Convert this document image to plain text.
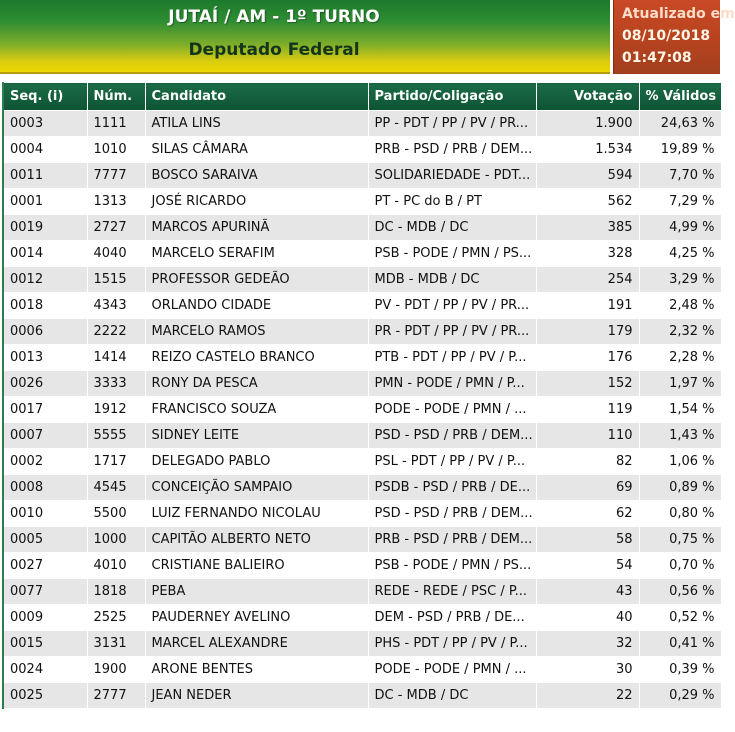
JUTAÍ / AM - 1º TURNO
Deputado Federal
Atualizado em
08/10/2018
01:47:08
Seq. (i)	Núm.	Candidato	Partido/Coligação	Votação	% Válidos
0003	1111	ATILA LINS	PP - PDT / PP / PV / PR...	1.900	24,63 %
0004	1010	SILAS CÂMARA	PRB - PSD / PRB / DEM...	1.534	19,89 %
0011	7777	BOSCO SARAIVA	SOLIDARIEDADE - PDT...	594	7,70 %
0001	1313	JOSÉ RICARDO	PT - PC do B / PT	562	7,29 %
0019	2727	MARCOS APURINÃ	DC - MDB / DC	385	4,99 %
0014	4040	MARCELO SERAFIM	PSB - PODE / PMN / PS...	328	4,25 %
0012	1515	PROFESSOR GEDEÃO	MDB - MDB / DC	254	3,29 %
0018	4343	ORLANDO CIDADE	PV - PDT / PP / PV / PR...	191	2,48 %
0006	2222	MARCELO RAMOS	PR - PDT / PP / PV / PR...	179	2,32 %
0013	1414	REIZO CASTELO BRANCO	PTB - PDT / PP / PV / P...	176	2,28 %
0026	3333	RONY DA PESCA	PMN - PODE / PMN / P...	152	1,97 %
0017	1912	FRANCISCO SOUZA	PODE - PODE / PMN / ...	119	1,54 %
0007	5555	SIDNEY LEITE	PSD - PSD / PRB / DEM...	110	1,43 %
0002	1717	DELEGADO PABLO	PSL - PDT / PP / PV / P...	82	1,06 %
0008	4545	CONCEIÇÃO SAMPAIO	PSDB - PSD / PRB / DE...	69	0,89 %
0010	5500	LUIZ FERNANDO NICOLAU	PSD - PSD / PRB / DEM...	62	0,80 %
0005	1000	CAPITÃO ALBERTO NETO	PRB - PSD / PRB / DEM...	58	0,75 %
0027	4010	CRISTIANE BALIEIRO	PSB - PODE / PMN / PS...	54	0,70 %
0077	1818	PEBA	REDE - REDE / PSC / P...	43	0,56 %
0009	2525	PAUDERNEY AVELINO	DEM - PSD / PRB / DE...	40	0,52 %
0015	3131	MARCEL ALEXANDRE	PHS - PDT / PP / PV / P...	32	0,41 %
0024	1900	ARONE BENTES	PODE - PODE / PMN / ...	30	0,39 %
0025	2777	JEAN NEDER	DC - MDB / DC	22	0,29 %
